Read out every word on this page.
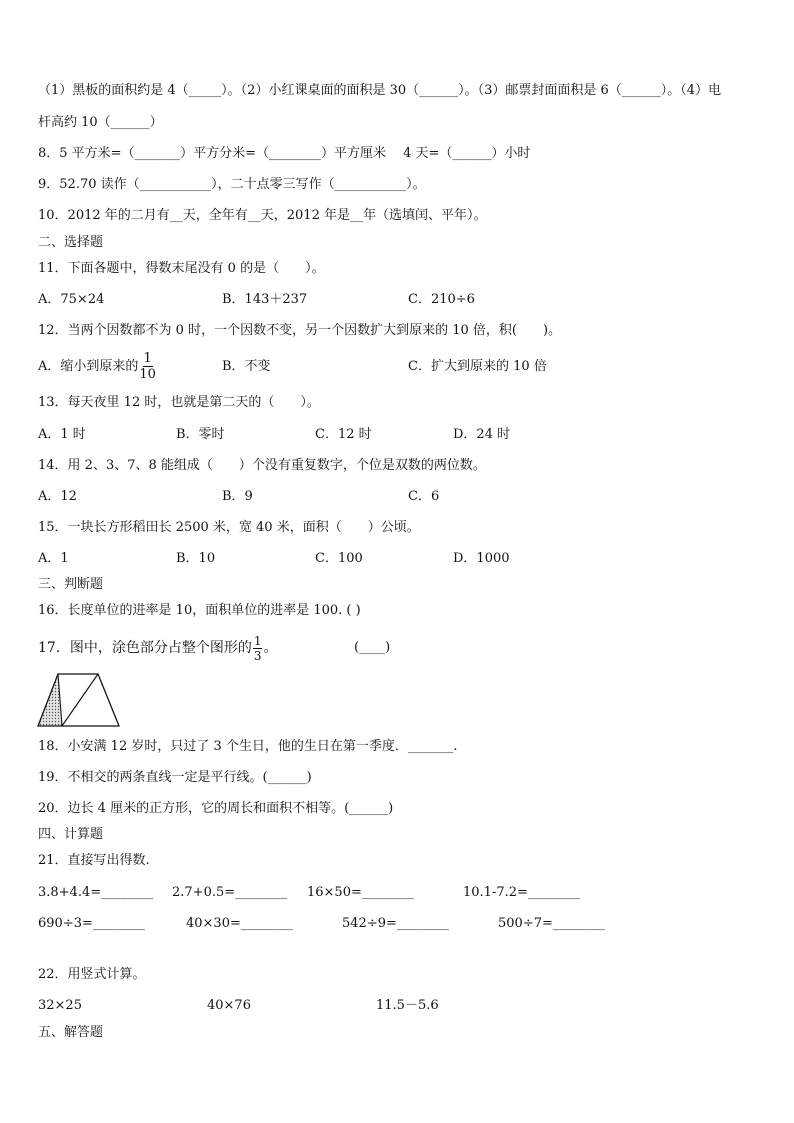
（1）黑板的面积约是 4（_____）。（2）小红课桌面的面积是 30（______）。（3）邮票封面面积是 6（______）。（4）电
杆高约 10（______）
8．5 平方米=（_______）平方分米=（________）平方厘米 　4 天=（______）小时
9．52.70 读作（___________），二十点零三写作（___________）。
10．2012 年的二月有__天，全年有__天，2012 年是__年（选填闰、平年）。
二、选择题
11．下面各题中，得数末尾没有 0 的是（　　）。
A．75×24	B．143＋237	C．210÷6
12．当两个因数都不为 0 时，一个因数不变，另一个因数扩大到原来的 10 倍，积(　　)。
A．缩小到原来的 $\frac{1}{10}$	B．不变	C．扩大到原来的 10 倍
13．每天夜里 12 时，也就是第二天的（　　）。
A．1 时	B．零时	C．12 时	D．24 时
14．用 2、3、7、8 能组成（　　）个没有重复数字，个位是双数的两位数。
A．12	B．9	C．6
15．一块长方形稻田长 2500 米，宽 40 米，面积（　　）公顷。
A．1	B．10	C．100	D．1000
三、判断题
16．长度单位的进率是 10，面积单位的进率是 100. ( )
17．图中，涂色部分占整个图形的 $\frac{1}{3}$ 。	(____)
18．小安满 12 岁时，只过了 3 个生日，他的生日在第一季度．_______.
19．不相交的两条直线一定是平行线。(______)
20．边长 4 厘米的正方形，它的周长和面积不相等。(______)
四、计算题
21．直接写出得数.
3.8+4.4=________ 2.7+0.5=________ 16×50=________	10.1-7.2=________
690÷3=________	40×30=________	542÷9=________	500÷7=________
22．用竖式计算。
32×25	40×76	11.5－5.6
五、解答题
